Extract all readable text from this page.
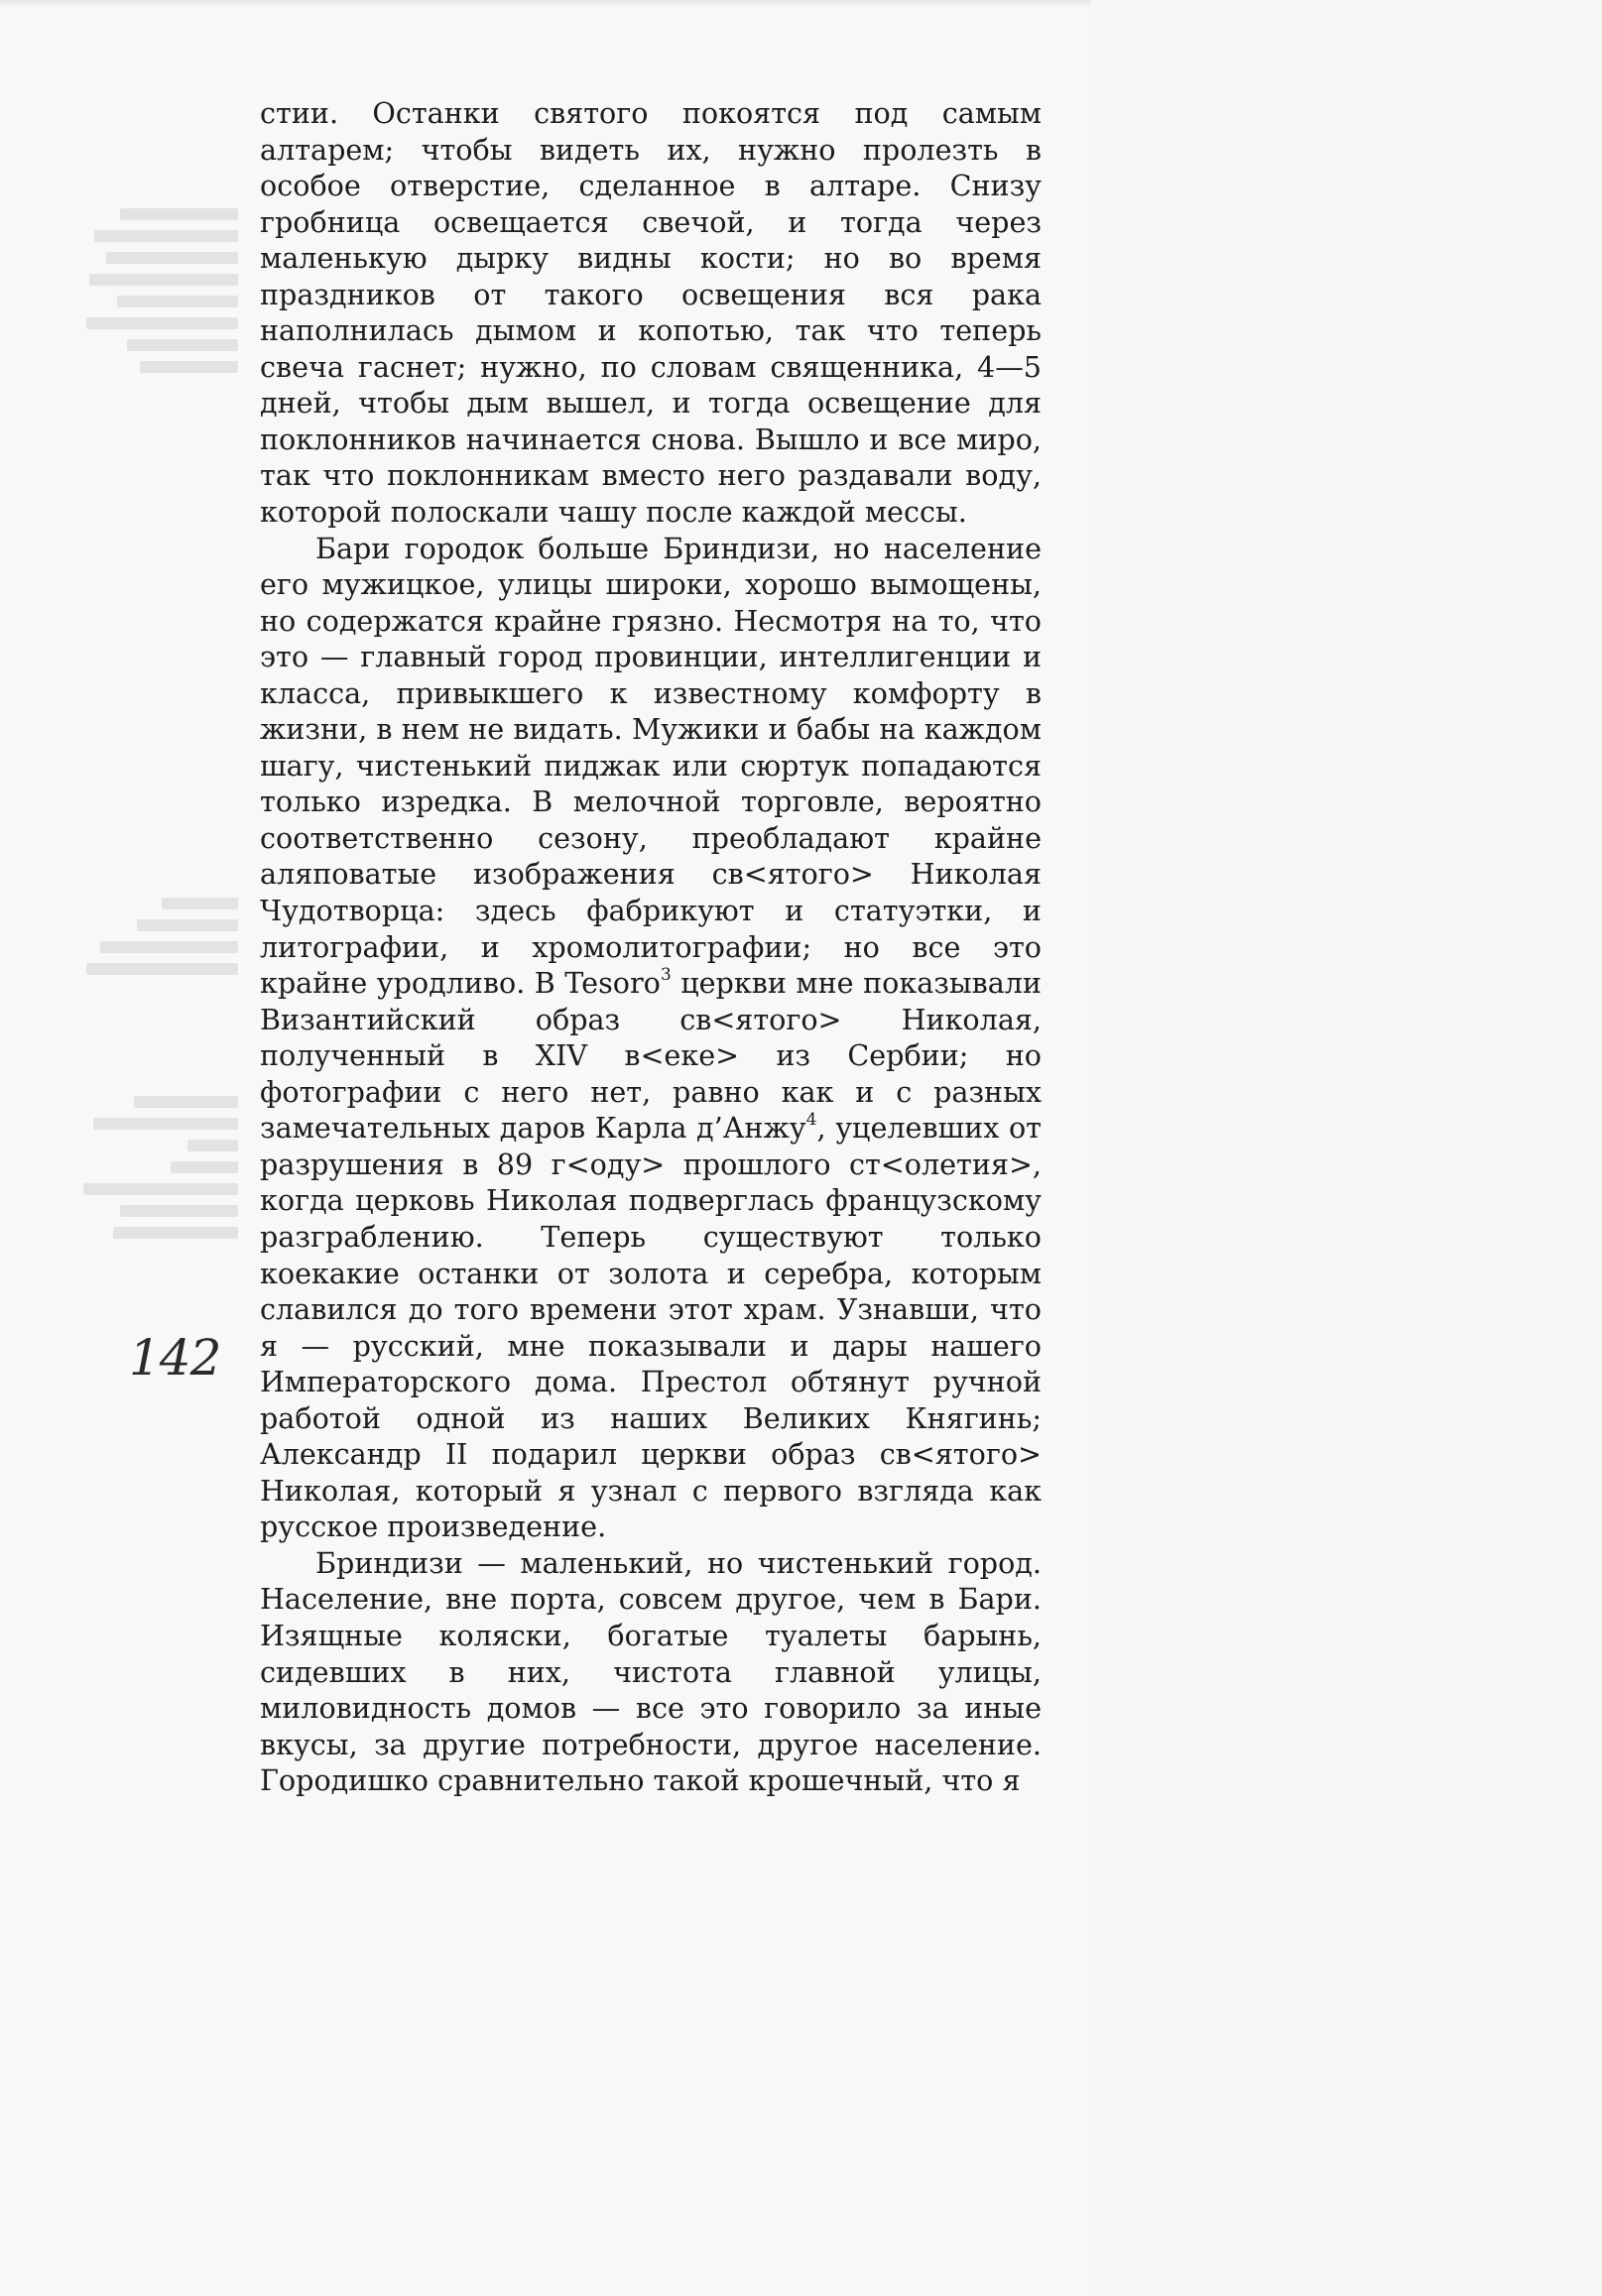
стии. Останки святого покоятся под самым алтарем; чтобы видеть их, нужно пролезть в особое отверстие, сделанное в алтаре. Снизу гробница освещается свечой, и тогда через маленькую дырку видны кости; но во время праздников от такого освещения вся рака наполнилась дымом и копотью, так что теперь свеча гаснет; нужно, по словам священника, 4—5 дней, чтобы дым вышел, и тогда освещение для поклонников начинается снова. Вышло и все миро, так что поклонникам вместо него раздавали воду, которой полоскали чашу после каждой мессы.

Бари городок больше Бриндизи, но население его мужицкое, улицы широки, хорошо вымощены, но содержатся крайне грязно. Несмотря на то, что это — главный город провинции, интеллигенции и класса, привыкшего к известному комфорту в жизни, в нем не видать. Мужики и бабы на каждом шагу, чистенький пиджак или сюртук попадаются только изредка. В мелочной торговле, вероятно соответственно сезону, преобладают крайне аляповатые изображения св<ятого> Николая Чудотворца: здесь фабрикуют и статуэтки, и литографии, и хромолитографии; но все это крайне уродливо. В Tesoro$^3$ церкви мне показывали Византийский образ св<ятого> Николая, полученный в XIV в<еке> из Сербии; но фотографии с него нет, равно как и с разных замечательных даров Карла д’Анжу$^4$, уцелевших от разрушения в 89 г<оду> прошлого ст<олетия>, когда церковь Николая подверглась французскому разграблению. Теперь существуют только коекакие останки от золота и серебра, которым славился до того времени этот храм. Узнавши, что я — русский, мне показывали и дары нашего Императорского дома. Престол обтянут ручной работой одной из наших Великих Княгинь; Александр II подарил церкви образ св<ятого> Николая, который я узнал с первого взгляда как русское произведение.

Бриндизи — маленький, но чистенький город. Население, вне порта, совсем другое, чем в Бари. Изящные коляски, богатые туалеты барынь, сидевших в них, чистота главной улицы, миловидность домов — все это говорило за иные вкусы, за другие потребности, другое население. Городишко сравнительно такой крошечный, что я

142
